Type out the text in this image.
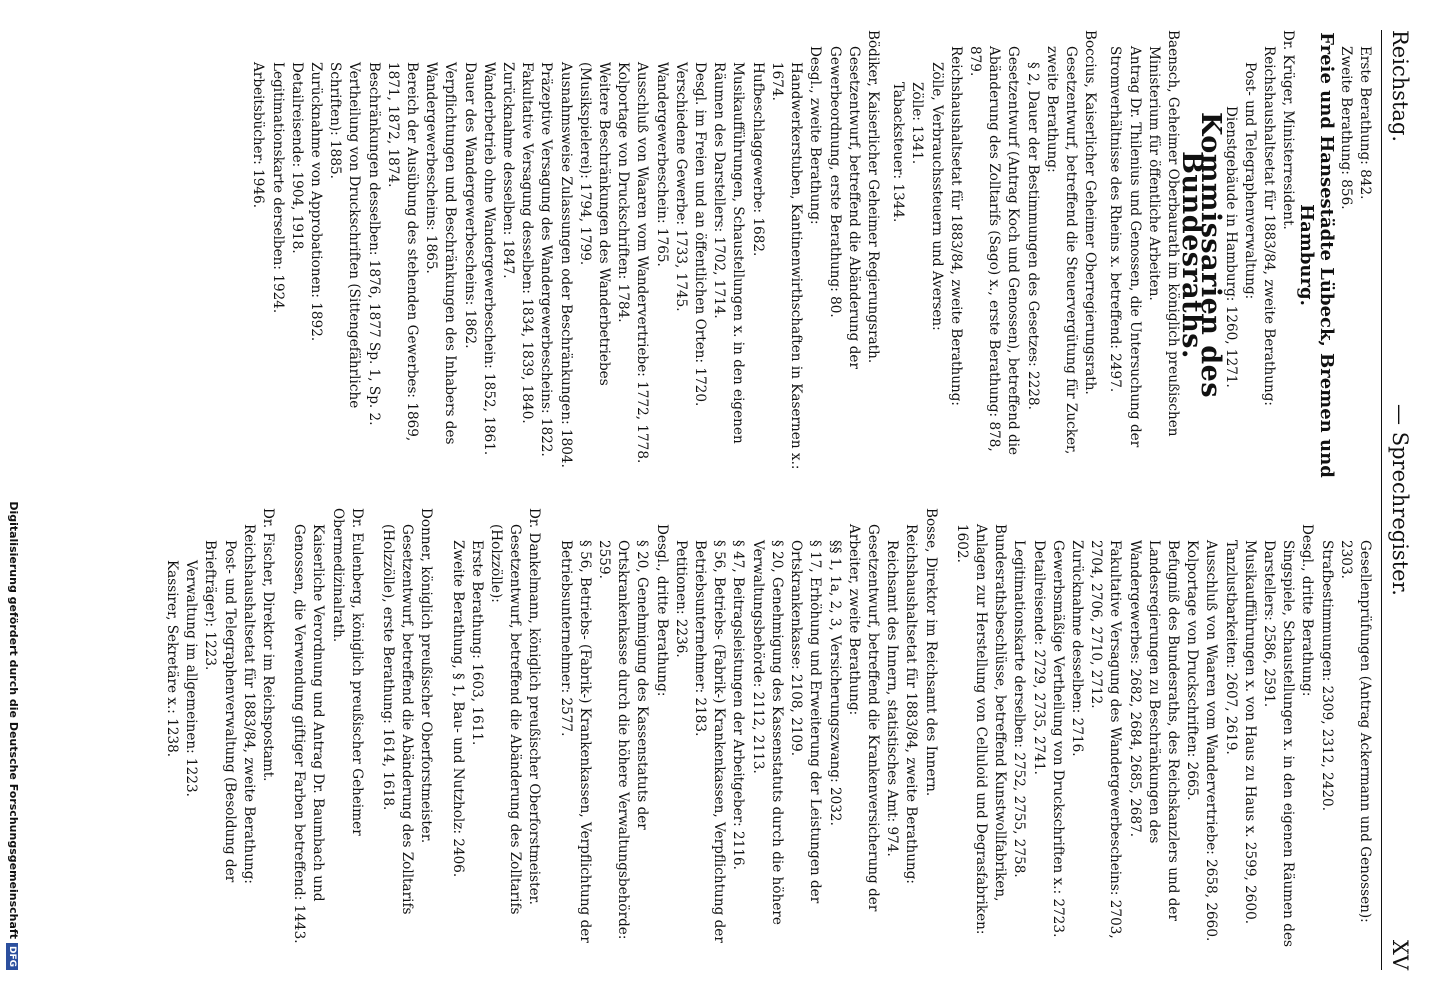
Reichstag.
— Sprechregister.
XV

Erste Berathung: 842.

Zweite Berathung: 856.

Freie und Hansestädte Lübeck, Bremen und Hamburg.

Dr. Krüger, Ministerresident.

Reichshaushaltsetat für 1883/84, zweite Berathung:

Post- und Telegraphenverwaltung:

Dienstgebäude in Hamburg: 1260, 1271.

Kommissarien des Bundesraths.

Baensch, Geheimer Oberbaurath im königlich preußischen Ministerium für öffentliche Arbeiten.

Antrag Dr. Thilenius und Genossen, die Untersuchung der Stromverhältnisse des Rheins x. betreffend: 2497.

Boccius, Kaiserlicher Geheimer Oberregierungsrath.

Gesetzentwurf, betreffend die Steuervergütung für Zucker, zweite Berathung:

§ 2, Dauer der Bestimmungen des Gesetzes: 2228.

Gesetzentwurf (Antrag Koch und Genossen), betreffend die Abänderung des Zolltarifs (Sago) x., erste Berathung: 878, 879.

Reichshaushaltsetat für 1883/84, zweite Berathung:

Zölle, Verbrauchssteuern und Aversen:

Zölle: 1341.

Tabacksteuer: 1344.

Bödiker, Kaiserlicher Geheimer Regierungsrath.

Gesetzentwurf, betreffend die Abänderung der Gewerbeordnung, erste Berathung: 80.

Desgl., zweite Berathung:

Handwerkerstuben, Kantinenwirthschaften in Kasernen x.: 1674.

Hufbeschlaggewerbe: 1682.

Musikaufführungen, Schaustellungen x. in den eigenen Räumen des Darstellers: 1702, 1714.

Desgl. im Freien und an öffentlichen Orten: 1720.

Verschiedene Gewerbe: 1733, 1745.

Wandergewerbeschein: 1765.

Ausschluß von Waaren vom Wandervertriebe: 1772, 1778.

Kolportage von Druckschriften: 1784.

Weitere Beschränkungen des Wanderbetriebes (Musikspielerei): 1794, 1799.

Ausnahmsweise Zulassungen oder Beschränkungen: 1804.

Präzeptive Versagung des Wandergewerbescheins: 1822.

Fakultative Versagung desselben: 1834, 1839, 1840.

Zurücknahme desselben: 1847.

Wanderbetrieb ohne Wandergewerbeschein: 1852, 1861.

Dauer des Wandergewerbescheins: 1862.

Verpflichtungen und Beschränkungen des Inhabers des Wandergewerbescheins: 1865.

Bereich der Ausübung des stehenden Gewerbes: 1869, 1871, 1872, 1874.

Beschränkungen desselben: 1876, 1877 Sp. 1, Sp. 2.

Vertheilung von Druckschriften (Sittengefährliche Schriften): 1885.

Zurücknahme von Approbationen: 1892.

Detailreisende: 1904, 1918.

Legitimationskarte derselben: 1924.

Arbeitsbücher: 1946.

Gesellenprüfungen (Antrag Ackermann und Genossen): 2303.

Strafbestimmungen: 2309, 2312, 2420.

Desgl., dritte Berathung:

Singspiele, Schaustellungen x. in den eigenen Räumen des Darstellers: 2586, 2591.

Musikaufführungen x. von Haus zu Haus x. 2599, 2600.

Tanzlustbarkeiten: 2607, 2619.

Ausschluß von Waaren vom Wandervertriebe: 2658, 2660.

Kolportage von Druckschriften: 2665.

Befugniß des Bundesraths, des Reichskanzlers und der Landesregierungen zu Beschränkungen des Wandergewerbes: 2682, 2684, 2685, 2687.

Fakultative Versagung des Wandergewerbescheins: 2703, 2704, 2706, 2710, 2712.

Zurücknahme desselben: 2716.

Gewerbsmäßige Vertheilung von Druckschriften x.: 2723.

Detailreisende: 2729, 2735, 2741.

Legitimationskarte derselben: 2752, 2755, 2758.

Bundesrathsbeschlüsse, betreffend Kunstwollfabriken, Anlagen zur Herstellung von Celluloid und Degrasfabriken: 1602.

Bosse, Direktor im Reichsamt des Innern.

Reichshaushaltsetat für 1883/84, zweite Berathung:

Reichsamt des Innern, statistisches Amt: 974.

Gesetzentwurf, betreffend die Krankenversicherung der Arbeiter, zweite Berathung:

§§ 1, 1a, 2, 3, Versicherungszwang: 2032.

§ 17, Erhöhung und Erweiterung der Leistungen der Ortskrankenkasse: 2108, 2109.

§ 20, Genehmigung des Kassenstatuts durch die höhere Verwaltungsbehörde: 2112, 2113.

§ 47, Beitragsleistungen der Arbeitgeber: 2116.

§ 56, Betriebs- (Fabrik-) Krankenkassen, Verpflichtung der Betriebsunternehmer: 2183.

Petitionen: 2236.

Desgl., dritte Berathung:

§ 20, Genehmigung des Kassenstatuts der Ortskrankenkasse durch die höhere Verwaltungsbehörde: 2559.

§ 56, Betriebs- (Fabrik-) Krankenkassen, Verpflichtung der Betriebsunternehmer: 2577.

Dr. Dankelmann, königlich preußischer Oberforstmeister.

Gesetzentwurf, betreffend die Abänderung des Zolltarifs (Holzzölle):

Erste Berathung: 1603, 1611.

Zweite Berathung, § 1, Bau- und Nutzholz: 2406.

Donner, königlich preußischer Oberforstmeister.

Gesetzentwurf, betreffend die Abänderung des Zolltarifs (Holzzölle), erste Berathung: 1614, 1618.

Dr. Eulenberg, königlich preußischer Geheimer Obermedizinalrath.

Kaiserliche Verordnung und Antrag Dr. Baumbach und Genossen, die Verwendung giftiger Farben betreffend: 1443.

Dr. Fischer, Direktor im Reichspostamt.

Reichshaushaltsetat für 1883/84, zweite Berathung:

Post- und Telegraphenverwaltung (Besoldung der Briefträger): 1223.

Verwaltung im allgemeinen: 1223.

Kassirer, Sekretäre x.: 1238.

Digitalisierung gefördert durch die Deutsche ForschungsgemeinschaftDFG
